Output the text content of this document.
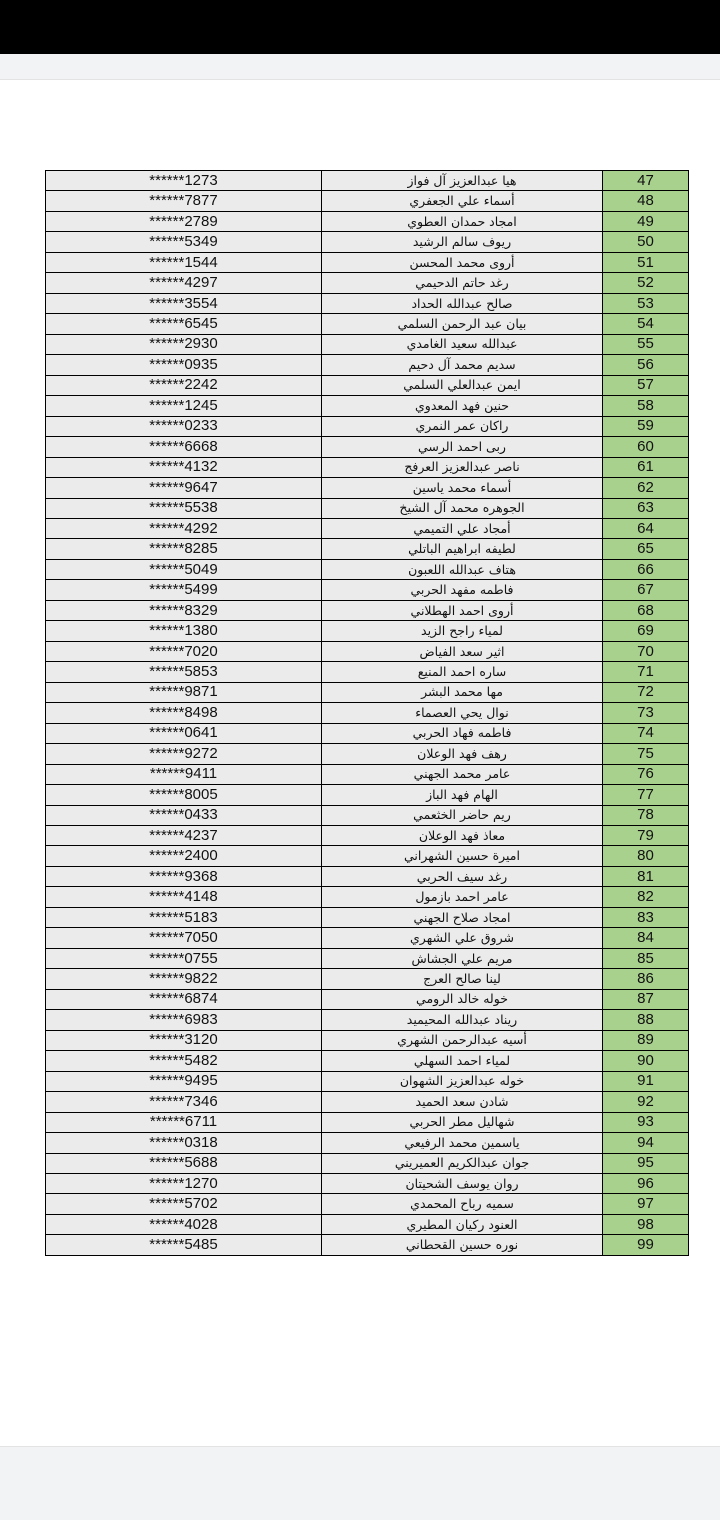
******1273	هيا عبدالعزيز آل فواز	47
******7877	أسماء علي الجعفري	48
******2789	امجاد حمدان العطوي	49
******5349	ريوف سالم الرشيد	50
******1544	أروى محمد المحسن	51
******4297	رغد حاتم الدحيمي	52
******3554	صالح عبدالله الحداد	53
******6545	بيان عبد الرحمن السلمي	54
******2930	عبدالله سعيد الغامدي	55
******0935	سديم محمد آل دحيم	56
******2242	ايمن عبدالعلي السلمي	57
******1245	حنين فهد المعدوي	58
******0233	راكان عمر النمري	59
******6668	ربى احمد الرسي	60
******4132	ناصر عبدالعزيز العرفج	61
******9647	أسماء محمد ياسين	62
******5538	الجوهره محمد آل الشيخ	63
******4292	أمجاد علي التميمي	64
******8285	لطيفه ابراهيم الباتلي	65
******5049	هتاف عبدالله اللعبون	66
******5499	فاطمه مفهد الحربي	67
******8329	أروى احمد الهطلاني	68
******1380	لمياء راجح الزيد	69
******7020	اثير سعد الفياض	70
******5853	ساره احمد المنيع	71
******9871	مها محمد البشر	72
******8498	نوال يحي العصماء	73
******0641	فاطمه فهاد الحربي	74
******9272	رهف فهد الوعلان	75
******9411	عامر محمد الجهني	76
******8005	الهام فهد الباز	77
******0433	ريم حاضر الخثعمي	78
******4237	معاذ فهد الوعلان	79
******2400	اميرة حسين الشهراني	80
******9368	رغد سيف الحربي	81
******4148	عامر احمد بازمول	82
******5183	امجاد صلاح الجهني	83
******7050	شروق علي الشهري	84
******0755	مريم علي الجشاش	85
******9822	لينا صالح العرج	86
******6874	خوله خالد الرومي	87
******6983	ريناد عبدالله المحيميد	88
******3120	أسيه عبدالرحمن الشهري	89
******5482	لمياء احمد السهلي	90
******9495	خوله عبدالعزيز الشهوان	91
******7346	شادن سعد الحميد	92
******6711	شهاليل مطر الحربي	93
******0318	ياسمين محمد الرفيعي	94
******5688	جوان عبدالكريم العميريني	95
******1270	روان يوسف الشحيتان	96
******5702	سميه رباح المحمدي	97
******4028	العنود ركيان المطيري	98
******5485	نوره حسين القحطاني	99
